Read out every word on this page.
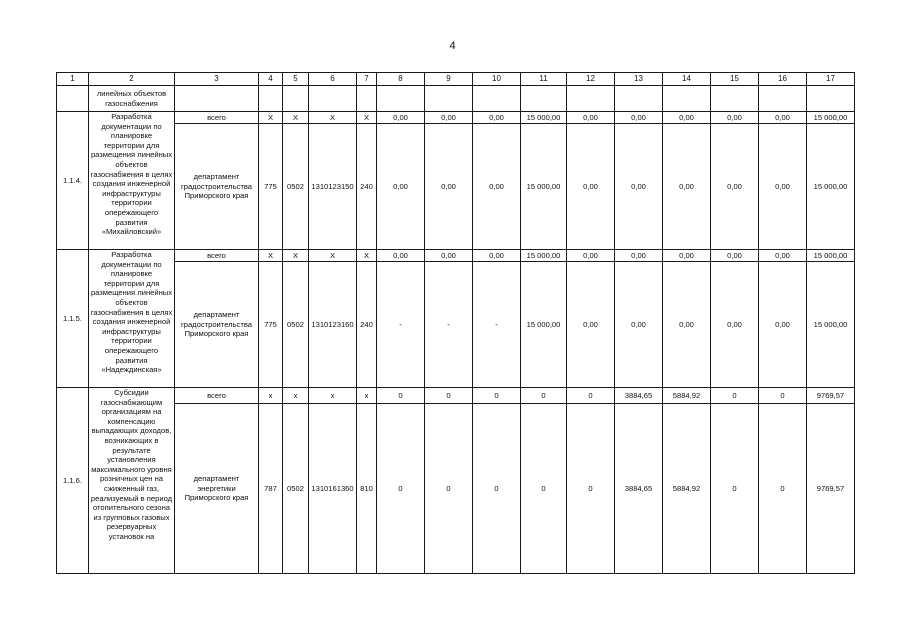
4
1	2	3	4	5	6	7	8	9	10	11	12	13	14	15	16	17
	линейных объектов газоснабжения															
1.1.4.	Разработка документации по планировке территории для размещения линейных объектов газоснабжения в целях создания инженерной инфраструктуры территории опережающего развития «Михайловский»	всего	Х	Х	Х	Х	0,00	0,00	0,00	15 000,00	0,00	0,00	0,00	0,00	0,00	15 000,00
		департамент градостроительства Приморского края	775	0502	1310123150	240	0,00	0,00	0,00	15 000,00	0,00	0,00	0,00	0,00	0,00	15 000,00
1.1.5.	Разработка документации по планировке территории для размещения линейных объектов газоснабжения в целях создания инженерной инфраструктуры территории опережающего развития «Надеждинская»	всего	Х	Х	Х	Х	0,00	0,00	0,00	15 000,00	0,00	0,00	0,00	0,00	0,00	15 000,00
		департамент градостроительства Приморского края	775	0502	1310123160	240	-	-	-	15 000,00	0,00	0,00	0,00	0,00	0,00	15 000,00
1.1.6.	Субсидии газоснабжающим организациям на компенсацию выпадающих доходов, возникающих в результате установления максимального уровня розничных цен на сжиженный газ, реализуемый в период отопительного сезона из групповых газовых резервуарных установок на	всего	х	х	х	х	0	0	0	0	0	3884,65	5884,92	0	0	9769,57
		департамент энергетики Приморского края	787	0502	1310161360	810	0	0	0	0	0	3884,65	5884,92	0	0	9769,57
